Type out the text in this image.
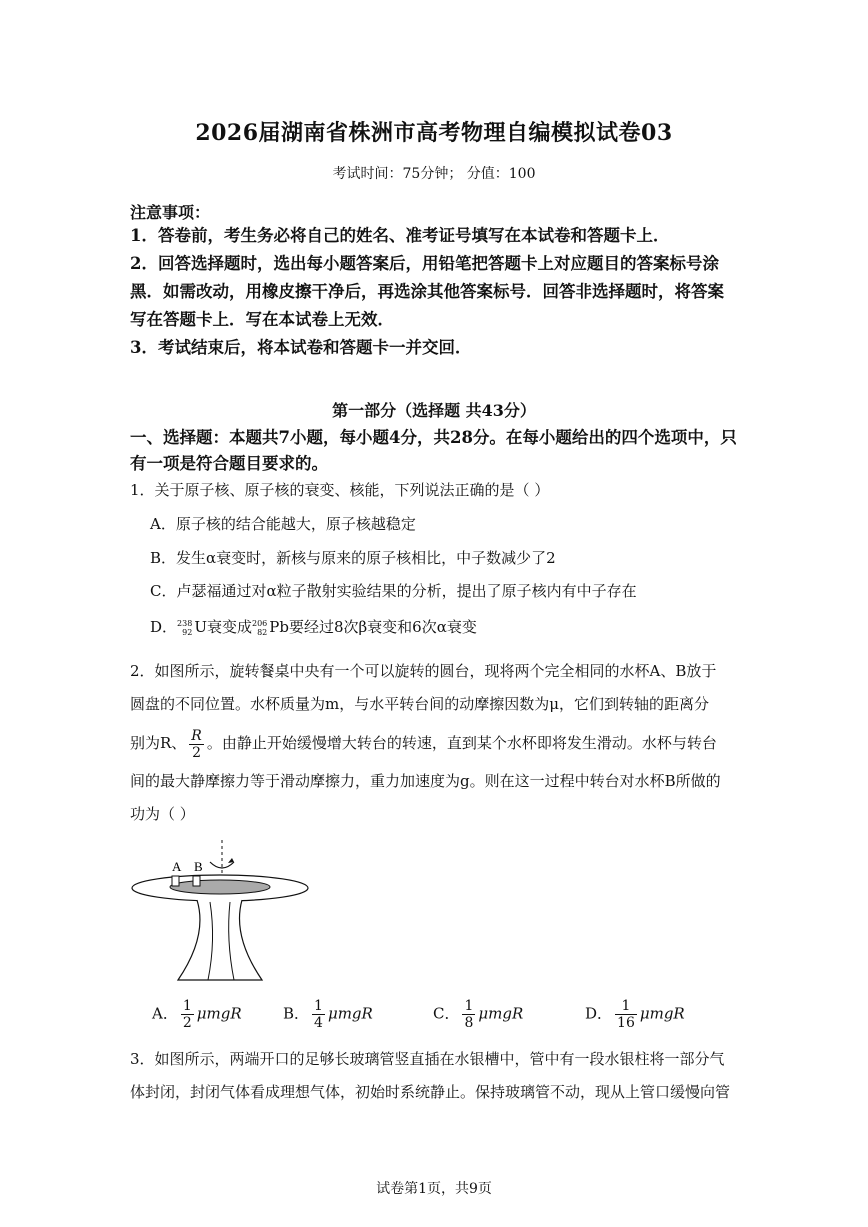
2026届湖南省株洲市高考物理自编模拟试卷03
考试时间：75分钟； 分值：100
注意事项：

1．答卷前，考生务必将自己的姓名、准考证号填写在本试卷和答题卡上．

2．回答选择题时，选出每小题答案后，用铅笔把答题卡上对应题目的答案标号涂黑．如需改动，用橡皮擦干净后，再选涂其他答案标号．回答非选择题时，将答案写在答题卡上．写在本试卷上无效．

3．考试结束后，将本试卷和答题卡一并交回．

第一部分（选择题 共43分）
一、选择题：本题共7小题，每小题4分，共28分。在每小题给出的四个选项中，只有一项是符合题目要求的。
1．关于原子核、原子核的衰变、核能，下列说法正确的是（ ）
A．原子核的结合能越大，原子核越稳定
B．发生α衰变时，新核与原来的原子核相比，中子数减少了2
C．卢瑟福通过对α粒子散射实验结果的分析，提出了原子核内有中子存在
D． 238
92 U衰变成 206
82 Pb要经过8次β衰变和6次α衰变

2．如图所示，旋转餐桌中央有一个可以旋转的圆台，现将两个完全相同的水杯A、B放于

圆盘的不同位置。水杯质量为m，与水平转台间的动摩擦因数为μ，它们到转轴的距离分

别为R、 $\frac{R}{2}$ 。由静止开始缓慢增大转台的转速，直到某个水杯即将发生滑动。水杯与转台

间的最大静摩擦力等于滑动摩擦力，重力加速度为g。则在这一过程中转台对水杯B所做的

功为（ ）

A B
A． $\frac{1}{2}$ μmgR	B． $\frac{1}{4}$ μmgR	C． $\frac{1}{8}$ μmgR	D． $\frac{1}{16}$ μmgR
3．如图所示，两端开口的足够长玻璃管竖直插在水银槽中，管中有一段水银柱将一部分气
体封闭，封闭气体看成理想气体，初始时系统静止。保持玻璃管不动，现从上管口缓慢向管
试卷第1页，共9页
